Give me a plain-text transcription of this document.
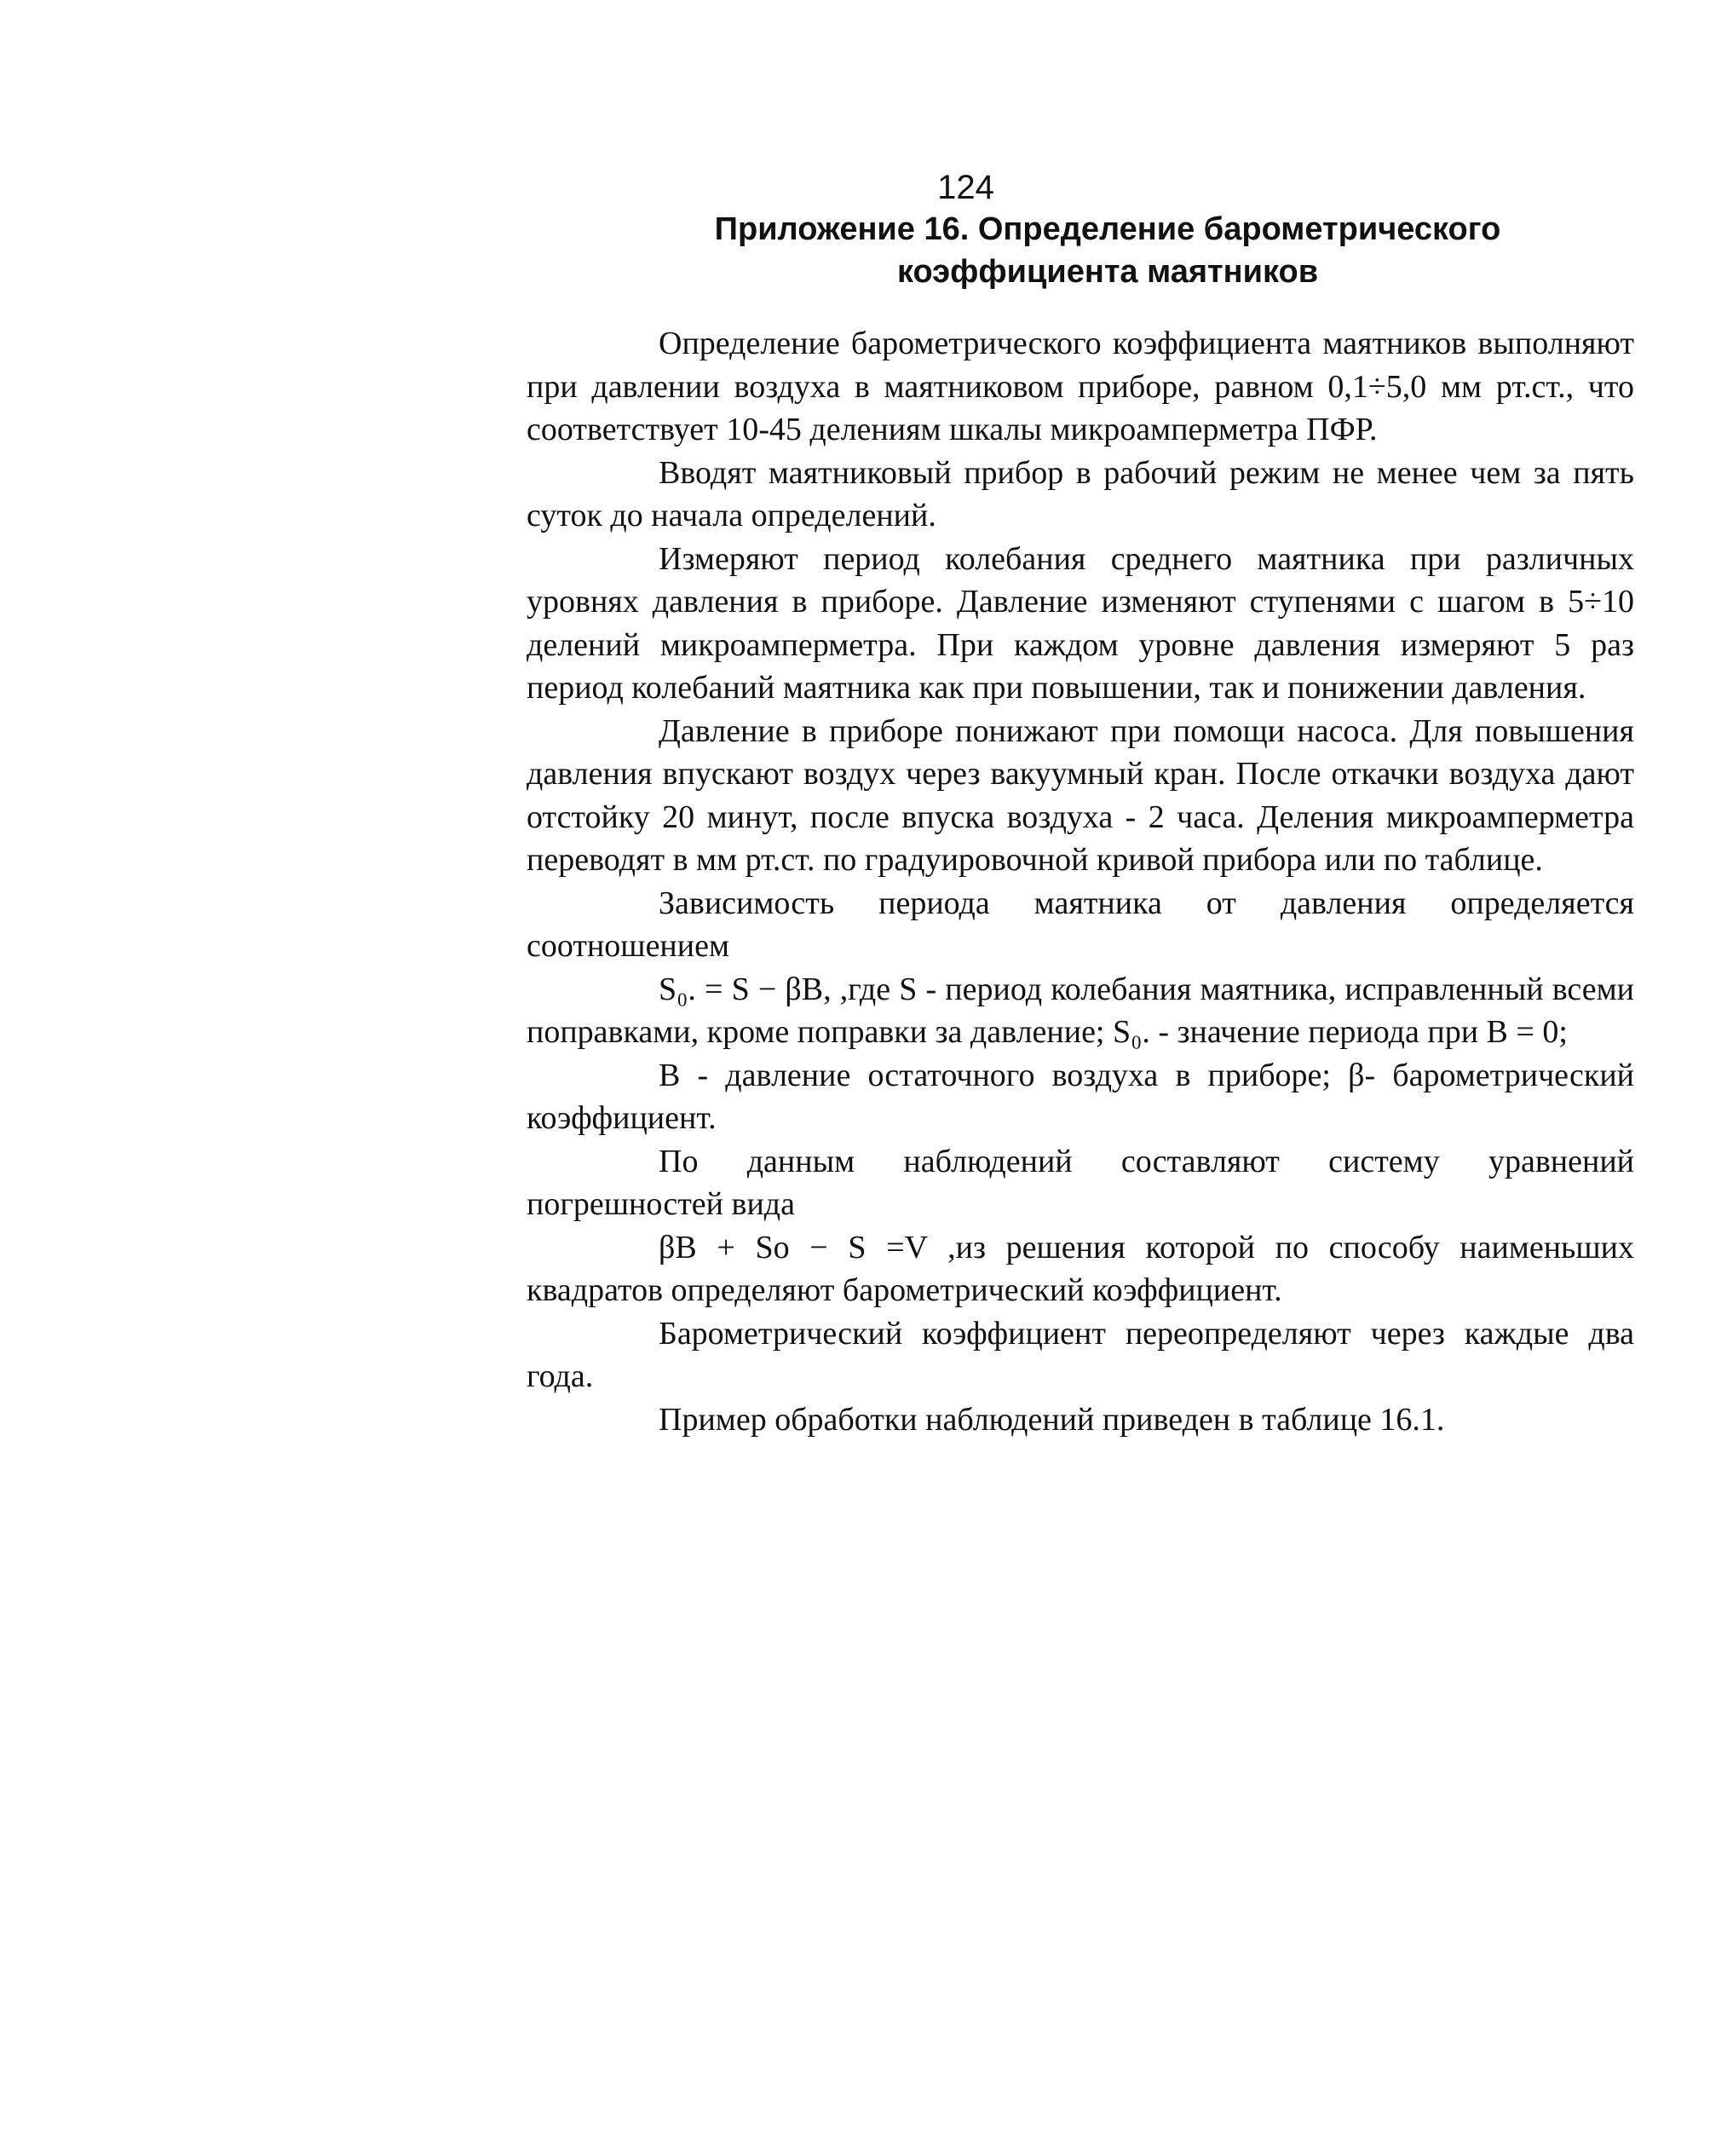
124
Приложение 16. Определение барометрического
коэффициента маятников

Определение барометрического коэффициента маятников выполняют при давлении воздуха в маятниковом приборе, равном 0,1÷5,0 мм рт.ст., что соответствует 10-45 делениям шкалы микроамперметра ПФР.

Вводят маятниковый прибор в рабочий режим не менее чем за пять суток до начала определений.

Измеряют период колебания среднего маятника при различных уровнях давления в приборе. Давление изменяют ступенями с шагом в 5÷10 делений микроамперметра. При каждом уровне давления измеряют 5 раз период колебаний маятника как при повышении, так и понижении давления.

Давление в приборе понижают при помощи насоса. Для повышения давления впускают воздух через вакуумный кран. После откачки воздуха дают отстойку 20 минут, после впуска воздуха - 2 часа. Деления микроамперметра переводят в мм рт.ст. по градуировочной кривой прибора или по таблице.

Зависимость периода маятника от давления определяется соотношением

S₀. = S − βB, ,где S - период колебания маятника, исправленный всеми поправками, кроме поправки за давление; S₀. - значение периода при B = 0;

B - давление остаточного воздуха в приборе; β- барометрический коэффициент.

По данным наблюдений составляют систему уравнений погрешностей вида

βB + So − S =V ,из решения которой по способу наименьших квадратов определяют барометрический коэффициент.

Барометрический коэффициент переопределяют через каждые два года.

Пример обработки наблюдений приведен в таблице 16.1.
